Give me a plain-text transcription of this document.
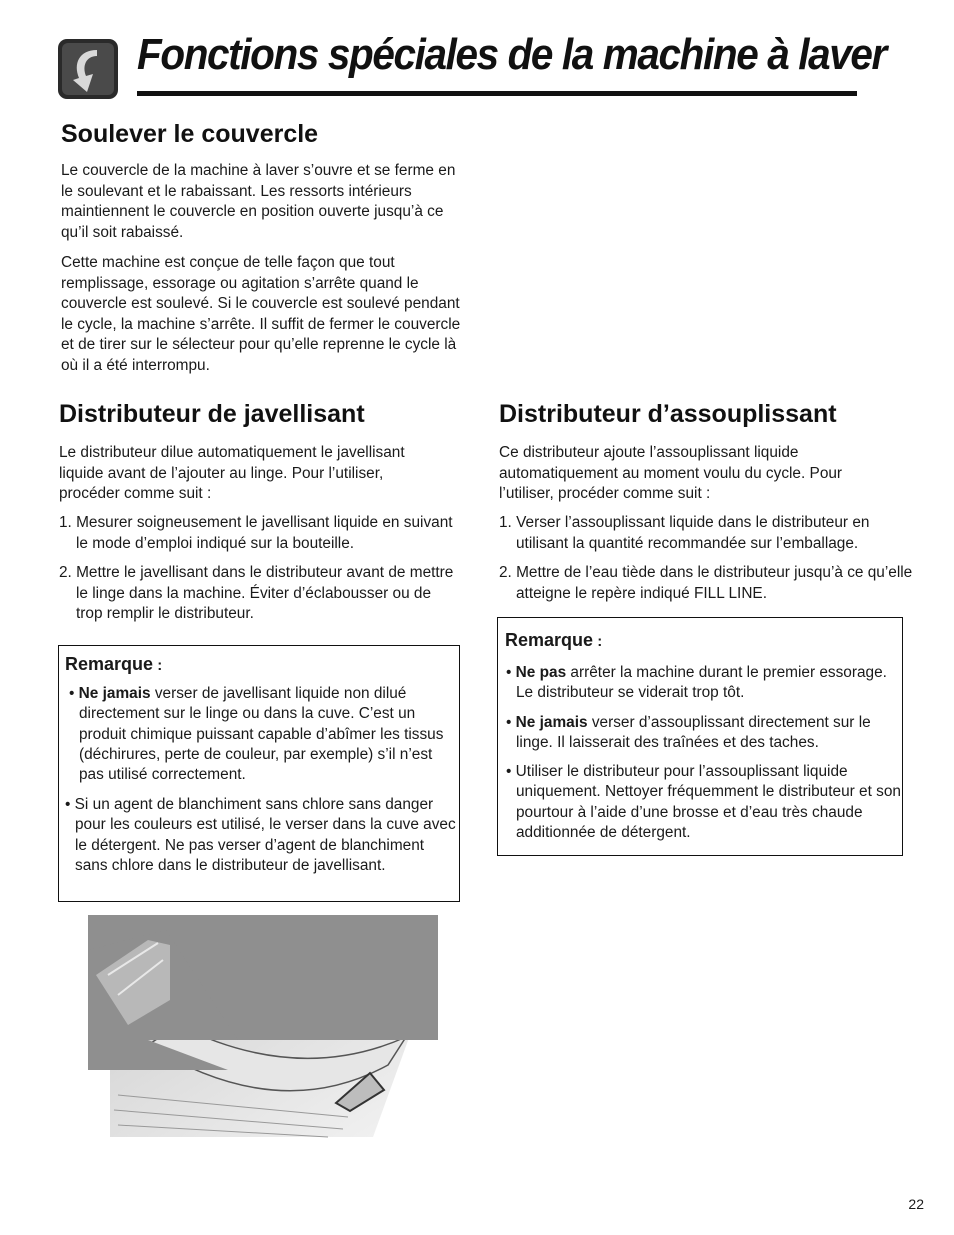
Fonctions spéciales de la machine à laver
Soulever le couvercle

Le couvercle de la machine à laver s’ouvre et se ferme en le soulevant et le rabaissant. Les ressorts intérieurs maintiennent le couvercle en position ouverte jusqu’à ce qu’il soit rabaissé.

Cette machine est conçue de telle façon que tout remplissage, essorage ou agitation s’arrête quand le couvercle est soulevé. Si le couvercle est soulevé pendant le cycle, la machine s’arrête. Il suffit de fermer le couvercle et de tirer sur le sélecteur pour qu’elle reprenne le cycle là où il a été interrompu.

Distributeur de javellisant

Le distributeur dilue automatiquement le javellisant liquide avant de l’ajouter au linge. Pour l’utiliser, procéder comme suit :

1. Mesurer soigneusement le javellisant liquide en suivant le mode d’emploi indiqué sur la bouteille.

2. Mettre le javellisant dans le distributeur avant de mettre le linge dans la machine. Éviter d’éclabousser ou de trop remplir le distributeur.

Remarque :

• Ne jamais verser de javellisant liquide non dilué directement sur le linge ou dans la cuve. C’est un produit chimique puissant capable d’abîmer les tissus (déchirures, perte de couleur, par exemple) s’il n’est pas utilisé correctement.

• Si un agent de blanchiment sans chlore sans danger pour les couleurs est utilisé, le verser dans la cuve avec le détergent. Ne pas verser d’agent de blanchiment sans chlore dans le distributeur de javellisant.

Distributeur d’assouplissant

Ce distributeur ajoute l’assouplissant liquide automatiquement au moment voulu du cycle. Pour l’utiliser, procéder comme suit :

1. Verser l’assouplissant liquide dans le distributeur en utilisant la quantité recommandée sur l’emballage.

2. Mettre de l’eau tiède dans le distributeur jusqu’à ce qu’elle atteigne le repère indiqué FILL LINE.

Remarque :

• Ne pas arrêter la machine durant le premier essorage. Le distributeur se viderait trop tôt.

• Ne jamais verser d’assouplissant directement sur le linge. Il laisserait des traînées et des taches.

• Utiliser le distributeur pour l’assouplissant liquide uniquement. Nettoyer fréquemment le distributeur et son pourtour à l’aide d’une brosse et d’eau très chaude additionnée de détergent.

22
